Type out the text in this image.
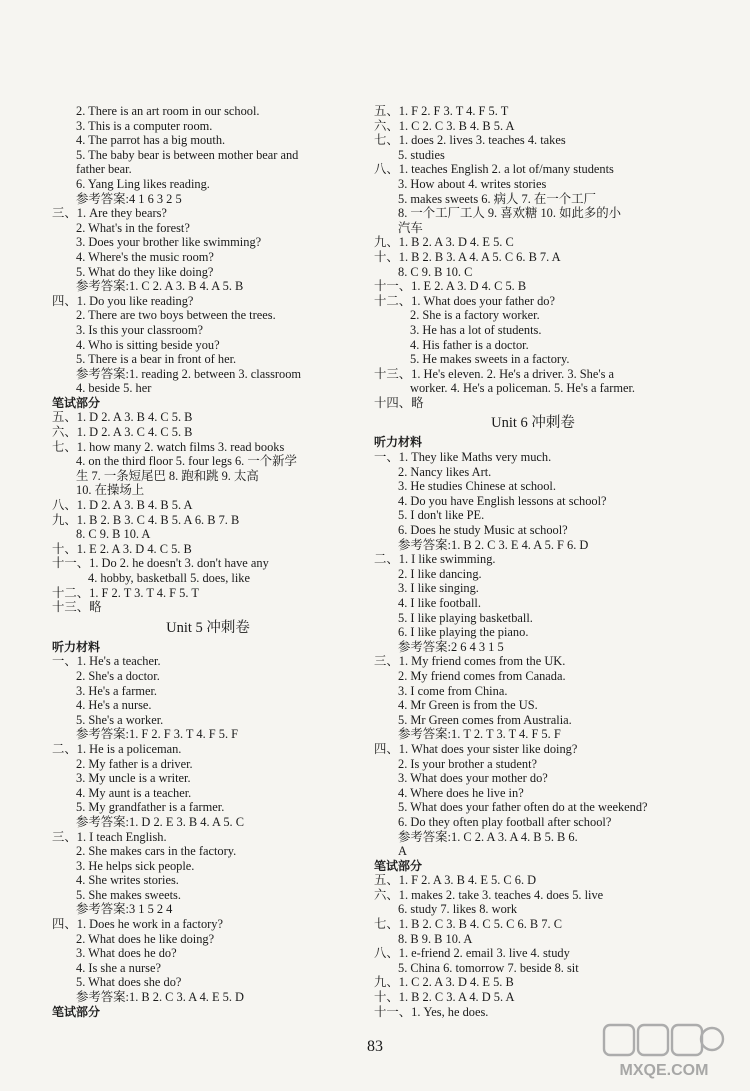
2. There is an art room in our school.
3. This is a computer room.
4. The parrot has a big mouth.
5. The baby bear is between mother bear and
father bear.
6. Yang Ling likes reading.
参考答案:4 1 6 3 2 5
三、1. Are they bears?
2. What's in the forest?
3. Does your brother like swimming?
4. Where's the music room?
5. What do they like doing?
参考答案:1. C 2. A 3. B 4. A 5. B
四、1. Do you like reading?
2. There are two boys between the trees.
3. Is this your classroom?
4. Who is sitting beside you?
5. There is a bear in front of her.
参考答案:1. reading 2. between 3. classroom
4. beside 5. her
笔试部分
五、1. D 2. A 3. B 4. C 5. B
六、1. D 2. A 3. C 4. C 5. B
七、1. how many 2. watch films 3. read books
4. on the third floor 5. four legs 6. 一个新学
生 7. 一条短尾巴 8. 跑和跳 9. 太高
10. 在操场上
八、1. D 2. A 3. B 4. B 5. A
九、1. B 2. B 3. C 4. B 5. A 6. B 7. B
8. C 9. B 10. A
十、1. E 2. A 3. D 4. C 5. B
十一、1. Do 2. he doesn't 3. don't have any
4. hobby, basketball 5. does, like
十二、1. F 2. T 3. T 4. F 5. T
十三、略
Unit 5 冲刺卷
听力材料
一、1. He's a teacher.
2. She's a doctor.
3. He's a farmer.
4. He's a nurse.
5. She's a worker.
参考答案:1. F 2. F 3. T 4. F 5. F
二、1. He is a policeman.
2. My father is a driver.
3. My uncle is a writer.
4. My aunt is a teacher.
5. My grandfather is a farmer.
参考答案:1. D 2. E 3. B 4. A 5. C
三、1. I teach English.
2. She makes cars in the factory.
3. He helps sick people.
4. She writes stories.
5. She makes sweets.
参考答案:3 1 5 2 4
四、1. Does he work in a factory?
2. What does he like doing?
3. What does he do?
4. Is she a nurse?
5. What does she do?
参考答案:1. B 2. C 3. A 4. E 5. D
笔试部分
五、1. F 2. F 3. T 4. F 5. T
六、1. C 2. C 3. B 4. B 5. A
七、1. does 2. lives 3. teaches 4. takes
5. studies
八、1. teaches English 2. a lot of/many students
3. How about 4. writes stories
5. makes sweets 6. 病人 7. 在一个工厂
8. 一个工厂工人 9. 喜欢糖 10. 如此多的小
汽车
九、1. B 2. A 3. D 4. E 5. C
十、1. B 2. B 3. A 4. A 5. C 6. B 7. A
8. C 9. B 10. C
十一、1. E 2. A 3. D 4. C 5. B
十二、1. What does your father do?
2. She is a factory worker.
3. He has a lot of students.
4. His father is a doctor.
5. He makes sweets in a factory.
十三、1. He's eleven. 2. He's a driver. 3. She's a
worker. 4. He's a policeman. 5. He's a farmer.
十四、略
Unit 6 冲刺卷
听力材料
一、1. They like Maths very much.
2. Nancy likes Art.
3. He studies Chinese at school.
4. Do you have English lessons at school?
5. I don't like PE.
6. Does he study Music at school?
参考答案:1. B 2. C 3. E 4. A 5. F 6. D
二、1. I like swimming.
2. I like dancing.
3. I like singing.
4. I like football.
5. I like playing basketball.
6. I like playing the piano.
参考答案:2 6 4 3 1 5
三、1. My friend comes from the UK.
2. My friend comes from Canada.
3. I come from China.
4. Mr Green is from the US.
5. Mr Green comes from Australia.
参考答案:1. T 2. T 3. T 4. F 5. F
四、1. What does your sister like doing?
2. Is your brother a student?
3. What does your mother do?
4. Where does he live in?
5. What does your father often do at the weekend?
6. Do they often play football after school?
参考答案:1. C 2. A 3. A 4. B 5. B 6.
A
笔试部分
五、1. F 2. A 3. B 4. E 5. C 6. D
六、1. makes 2. take 3. teaches 4. does 5. live
6. study 7. likes 8. work
七、1. B 2. C 3. B 4. C 5. C 6. B 7. C
8. B 9. B 10. A
八、1. e-friend 2. email 3. live 4. study
5. China 6. tomorrow 7. beside 8. sit
九、1. C 2. A 3. D 4. E 5. B
十、1. B 2. C 3. A 4. D 5. A
十一、1. Yes, he does.
83
MXQE.COM
